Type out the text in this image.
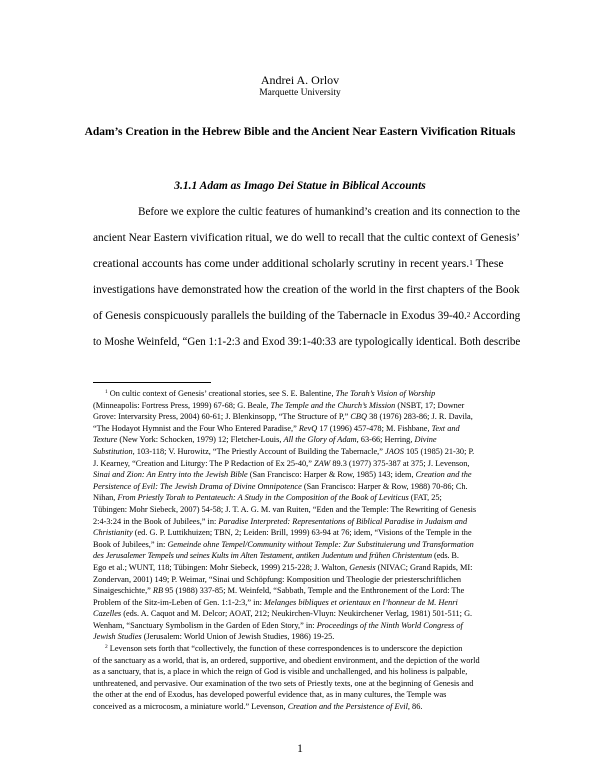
Andrei A. Orlov
Marquette University
Adam’s Creation in the Hebrew Bible and the Ancient Near Eastern Vivification Rituals
3.1.1 Adam as Imago Dei Statue in Biblical Accounts
Before we explore the cultic features of humankind’s creation and its connection to the
ancient Near Eastern vivification ritual, we do well to recall that the cultic context of Genesis’
creational accounts has come under additional scholarly scrutiny in recent years.$^1$ These
investigations have demonstrated how the creation of the world in the first chapters of the Book
of Genesis conspicuously parallels the building of the Tabernacle in Exodus 39-40.$^2$ According
to Moshe Weinfeld, “Gen 1:1-2:3 and Exod 39:1-40:33 are typologically identical. Both describe
$^1$ On cultic context of Genesis’ creational stories, see S. E. Balentine, The Torah’s Vision of Worship
(Minneapolis: Fortress Press, 1999) 67-68; G. Beale, The Temple and the Church’s Mission (NSBT, 17; Downer
Grove: Intervarsity Press, 2004) 60-61; J. Blenkinsopp, “The Structure of P,” CBQ 38 (1976) 283-86; J. R. Davila,
“The Hodayot Hymnist and the Four Who Entered Paradise,” RevQ 17 (1996) 457-478; M. Fishbane, Text and
Texture (New York: Schocken, 1979) 12; Fletcher-Louis, All the Glory of Adam, 63-66; Herring, Divine
Substitution, 103-118; V. Hurowitz, “The Priestly Account of Building the Tabernacle,” JAOS 105 (1985) 21-30; P.
J. Kearney, “Creation and Liturgy: The P Redaction of Ex 25-40,” ZAW 89.3 (1977) 375-387 at 375; J. Levenson,
Sinai and Zion: An Entry into the Jewish Bible (San Francisco: Harper & Row, 1985) 143; idem, Creation and the
Persistence of Evil: The Jewish Drama of Divine Omnipotence (San Francisco: Harper & Row, 1988) 70-86; Ch.
Nihan, From Priestly Torah to Pentateuch: A Study in the Composition of the Book of Leviticus (FAT, 25;
Tübingen: Mohr Siebeck, 2007) 54-58; J. T. A. G. M. van Ruiten, “Eden and the Temple: The Rewriting of Genesis
2:4-3:24 in the Book of Jubilees,” in: Paradise Interpreted: Representations of Biblical Paradise in Judaism and
Christianity (ed. G. P. Luttikhuizen; TBN, 2; Leiden: Brill, 1999) 63-94 at 76; idem, “Visions of the Temple in the
Book of Jubilees,” in: Gemeinde ohne Tempel/Community without Temple: Zur Substituierung und Transformation
des Jerusalemer Tempels und seines Kults im Alten Testament, antiken Judentum und frühen Christentum (eds. B.
Ego et al.; WUNT, 118; Tübingen: Mohr Siebeck, 1999) 215-228; J. Walton, Genesis (NIVAC; Grand Rapids, MI:
Zondervan, 2001) 149; P. Weimar, “Sinai und Schöpfung: Komposition und Theologie der priesterschriftlichen
Sinaigeschichte,” RB 95 (1988) 337-85; M. Weinfeld, “Sabbath, Temple and the Enthronement of the Lord: The
Problem of the Sitz-im-Leben of Gen. 1:1-2:3,” in: Melanges bibliques et orientaux en l’honneur de M. Henri
Cazelles (eds. A. Caquot and M. Delcor; AOAT, 212; Neukirchen-Vluyn: Neukirchener Verlag, 1981) 501-511; G.
Wenham, “Sanctuary Symbolism in the Garden of Eden Story,” in: Proceedings of the Ninth World Congress of
Jewish Studies (Jerusalem: World Union of Jewish Studies, 1986) 19-25.
$^2$ Levenson sets forth that “collectively, the function of these correspondences is to underscore the depiction
of the sanctuary as a world, that is, an ordered, supportive, and obedient environment, and the depiction of the world
as a sanctuary, that is, a place in which the reign of God is visible and unchallenged, and his holiness is palpable,
unthreatened, and pervasive. Our examination of the two sets of Priestly texts, one at the beginning of Genesis and
the other at the end of Exodus, has developed powerful evidence that, as in many cultures, the Temple was
conceived as a microcosm, a miniature world.” Levenson, Creation and the Persistence of Evil, 86.
1
